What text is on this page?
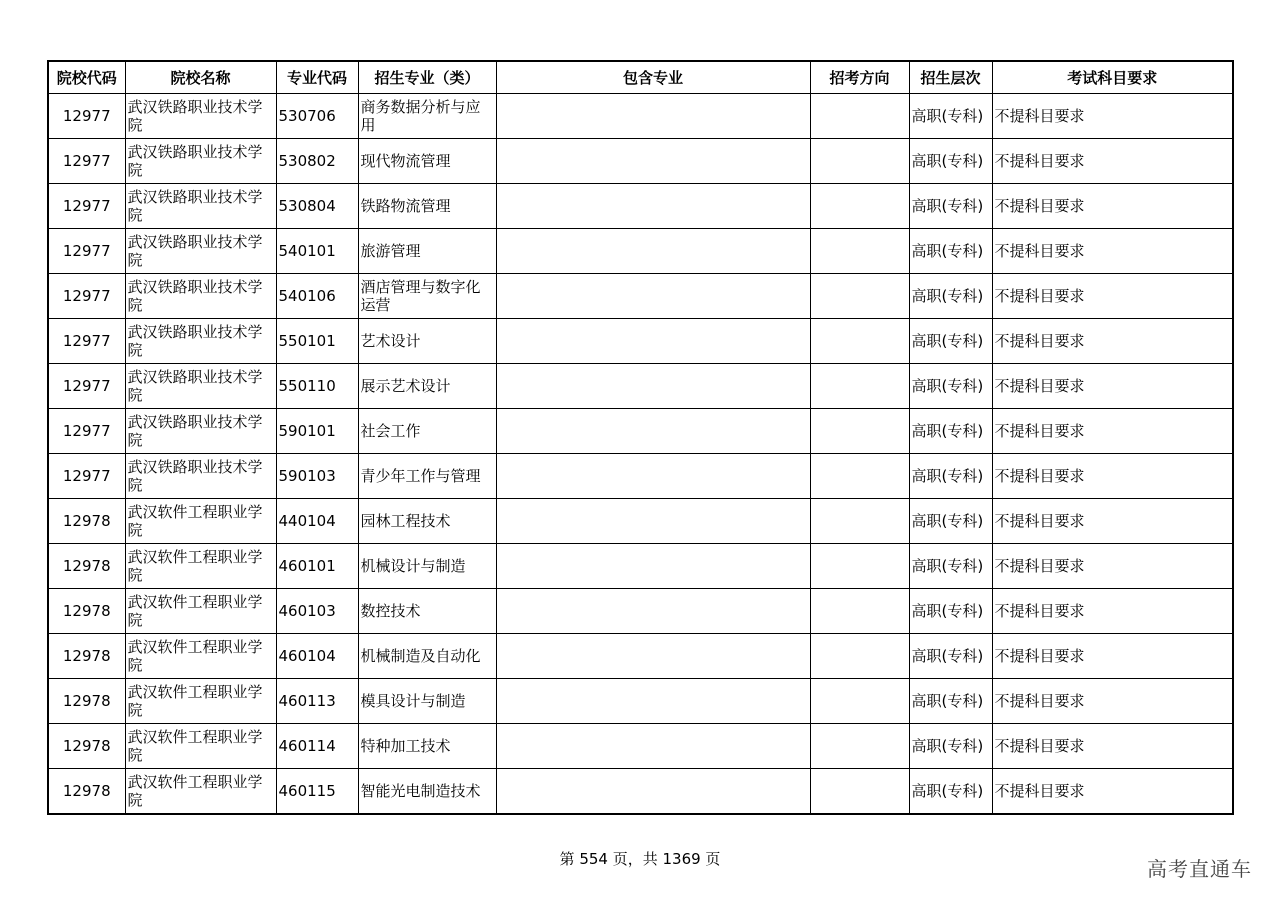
院校代码	院校名称	专业代码	招生专业（类）	包含专业	招考方向	招生层次	考试科目要求
12977	武汉铁路职业技术学院	530706	商务数据分析与应用			高职(专科)	不提科目要求
12977	武汉铁路职业技术学院	530802	现代物流管理			高职(专科)	不提科目要求
12977	武汉铁路职业技术学院	530804	铁路物流管理			高职(专科)	不提科目要求
12977	武汉铁路职业技术学院	540101	旅游管理			高职(专科)	不提科目要求
12977	武汉铁路职业技术学院	540106	酒店管理与数字化运营			高职(专科)	不提科目要求
12977	武汉铁路职业技术学院	550101	艺术设计			高职(专科)	不提科目要求
12977	武汉铁路职业技术学院	550110	展示艺术设计			高职(专科)	不提科目要求
12977	武汉铁路职业技术学院	590101	社会工作			高职(专科)	不提科目要求
12977	武汉铁路职业技术学院	590103	青少年工作与管理			高职(专科)	不提科目要求
12978	武汉软件工程职业学院	440104	园林工程技术			高职(专科)	不提科目要求
12978	武汉软件工程职业学院	460101	机械设计与制造			高职(专科)	不提科目要求
12978	武汉软件工程职业学院	460103	数控技术			高职(专科)	不提科目要求
12978	武汉软件工程职业学院	460104	机械制造及自动化			高职(专科)	不提科目要求
12978	武汉软件工程职业学院	460113	模具设计与制造			高职(专科)	不提科目要求
12978	武汉软件工程职业学院	460114	特种加工技术			高职(专科)	不提科目要求
12978	武汉软件工程职业学院	460115	智能光电制造技术			高职(专科)	不提科目要求
第 554 页，共 1369 页	高考直通车
